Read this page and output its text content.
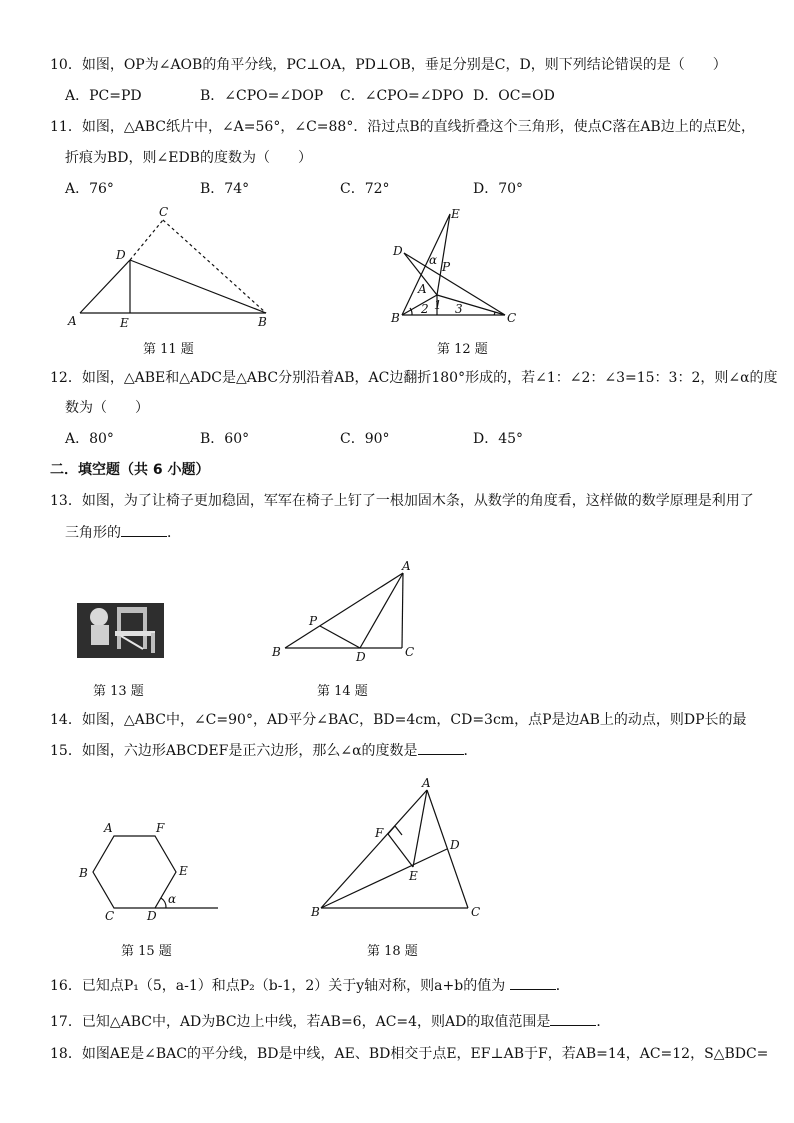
10．如图，OP为∠AOB的角平分线，PC⊥OA，PD⊥OB，垂足分别是C，D，则下列结论错误的是（　　）
A．PC=PD	B．∠CPO=∠DOP C．∠CPO=∠DPO D．OC=OD
11．如图，△ABC纸片中，∠A=56°，∠C=88°．沿过点B的直线折叠这个三角形，使点C落在AB边上的点E处，
折痕为BD，则∠EDB的度数为（　　）
A．76°	B．74°	C．72°	D．70°
C
D
A	E	B
第 11 题
E
D
α P
A
B	C
1
2 3
第 12 题
12．如图，△ABE和△ADC是△ABC分别沿着AB，AC边翻折180°形成的，若∠1：∠2：∠3=15：3：2，则∠α的度
数为（　　）
A．80°	B．60°	C．90°	D．45°
二．填空题（共 6 小题）
13．如图，为了让椅子更加稳固，军军在椅子上钉了一根加固木条，从数学的角度看，这样做的数学原理是利用了
三角形的	．
第 13 题
A
P
B	D	C
第 14 题
14．如图，△ABC中，∠C=90°，AD平分∠BAC，BD=4cm，CD=3cm，点P是边AB上的动点，则DP长的最
15．如图，六边形ABCDEF是正六边形，那么∠α的度数是	．
A	F
B	E
C	D
α
第 15 题
A
F
D
E
B	C
第 18 题
16．已知点P₁（5，a-1）和点P₂（b-1，2）关于y轴对称，则a+b的值为	．
17．已知△ABC中，AD为BC边上中线，若AB=6，AC=4，则AD的取值范围是	．
18．如图AE是∠BAC的平分线，BD是中线，AE、BD相交于点E，EF⊥AB于F，若AB=14，AC=12，S△BDC=
